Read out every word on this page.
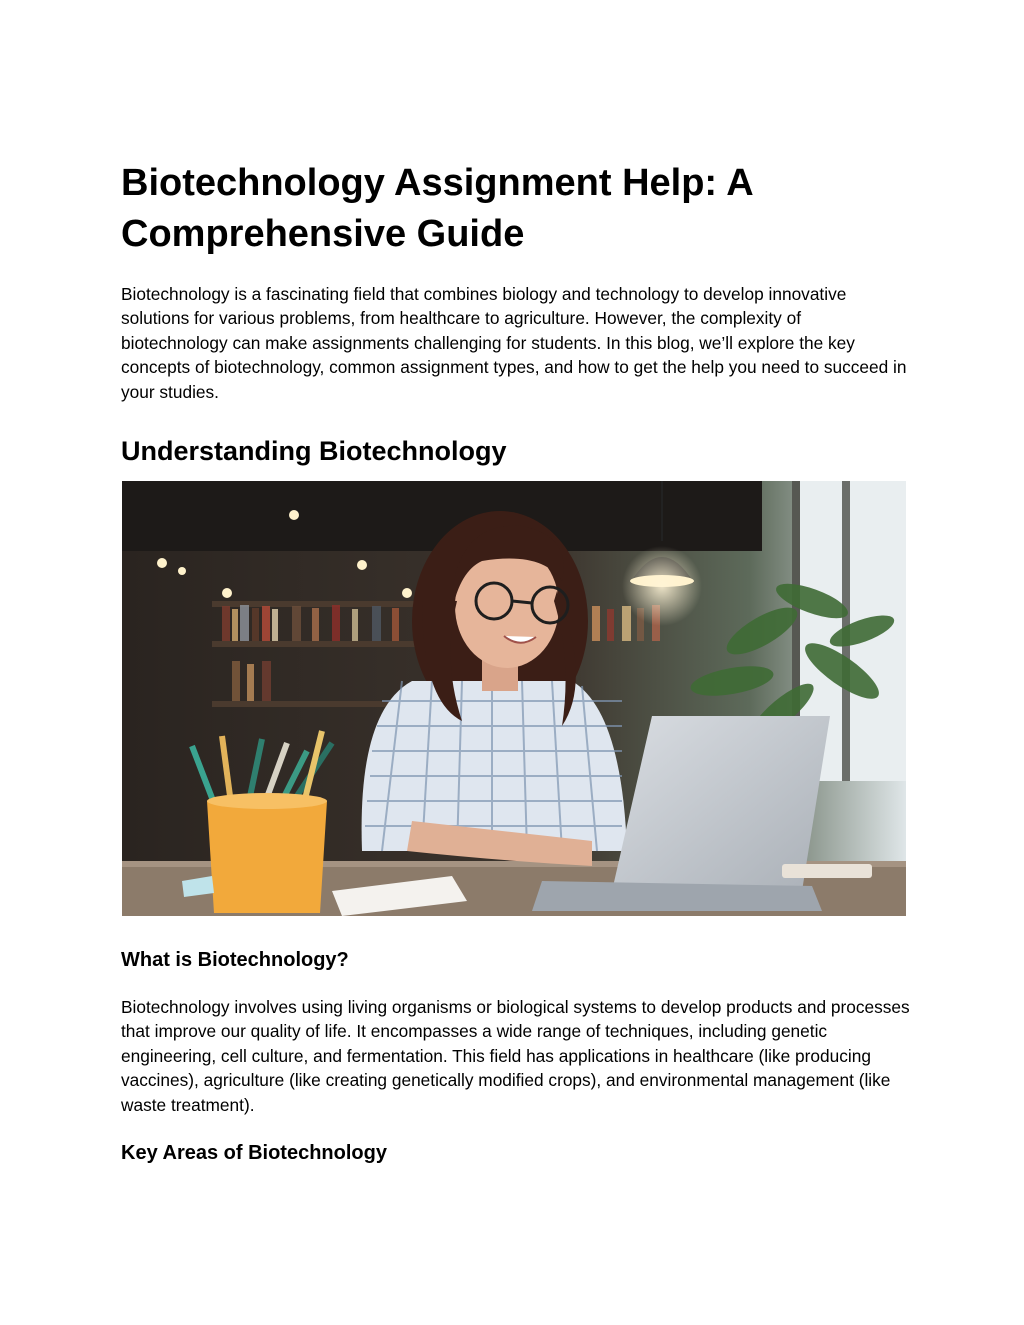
Biotechnology Assignment Help: A Comprehensive Guide

Biotechnology is a fascinating field that combines biology and technology to develop innovative solutions for various problems, from healthcare to agriculture. However, the complexity of biotechnology can make assignments challenging for students. In this blog, we’ll explore the key concepts of biotechnology, common assignment types, and how to get the help you need to succeed in your studies.

Understanding Biotechnology
What is Biotechnology?

Biotechnology involves using living organisms or biological systems to develop products and processes that improve our quality of life. It encompasses a wide range of techniques, including genetic engineering, cell culture, and fermentation. This field has applications in healthcare (like producing vaccines), agriculture (like creating genetically modified crops), and environmental management (like waste treatment).

Key Areas of Biotechnology
